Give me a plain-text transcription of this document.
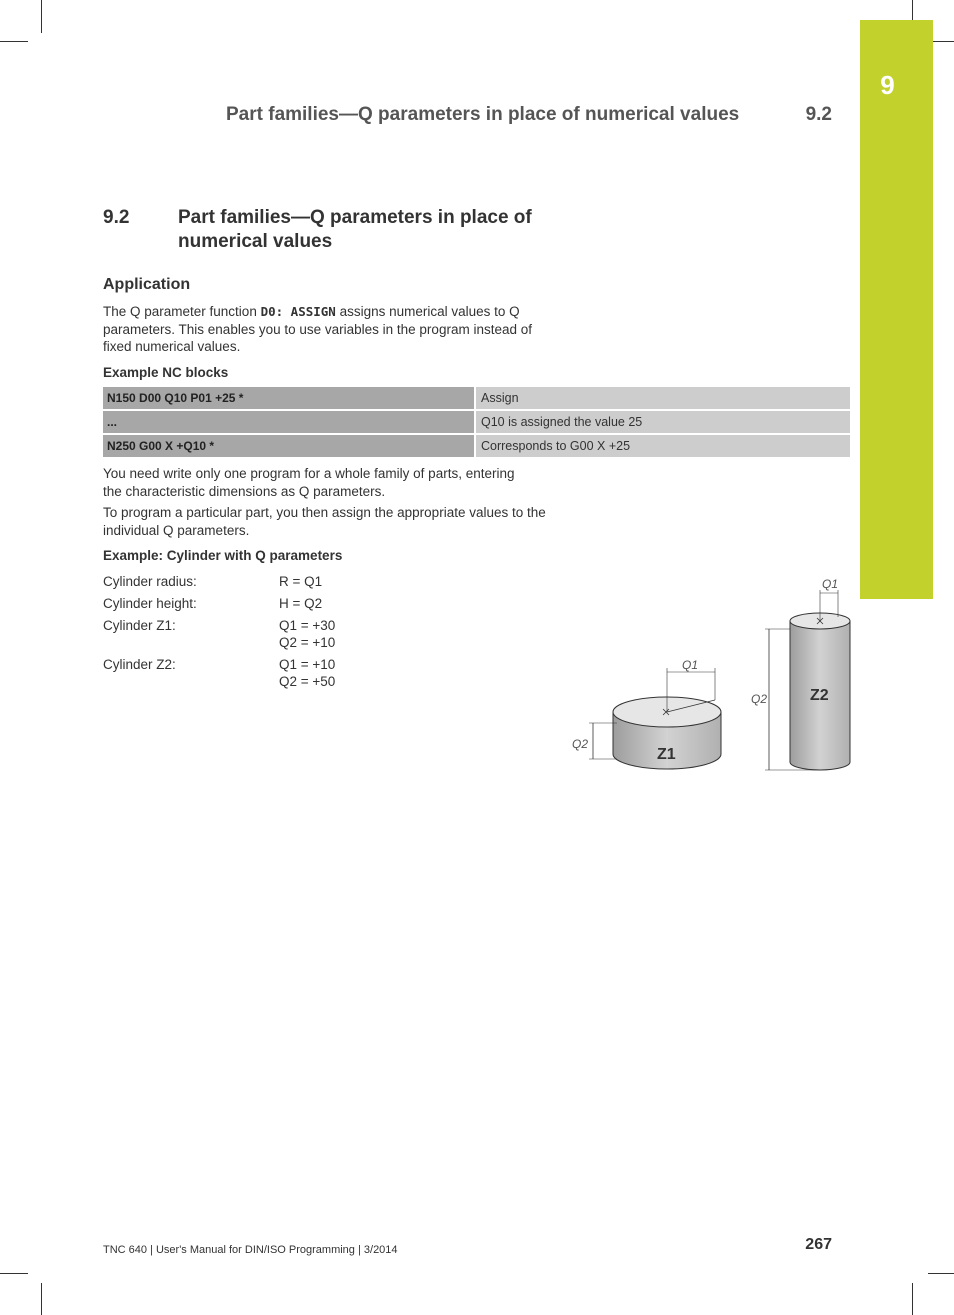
9
Part families—Q parameters in place of numerical values	9.2
9.2	Part families—Q parameters in place of numerical values
Application
The Q parameter function D0: ASSIGN assigns numerical values to Q parameters. This enables you to use variables in the program instead of fixed numerical values.
Example NC blocks
N150 D00 Q10 P01 +25 *	Assign
...	Q10 is assigned the value 25
N250 G00 X +Q10 *	Corresponds to G00 X +25
You need write only one program for a whole family of parts, entering the characteristic dimensions as Q parameters.
To program a particular part, you then assign the appropriate values to the individual Q parameters.
Example: Cylinder with Q parameters
Cylinder radius:	R = Q1
Cylinder height:	H = Q2
Cylinder Z1:	Q1 = +30
Q2 = +10
Cylinder Z2:	Q1 = +10
Q2 = +50
Z1
Z2
Q1
Q2
Q1
Q2
TNC 640 | User's Manual for DIN/ISO Programming | 3/2014	267
